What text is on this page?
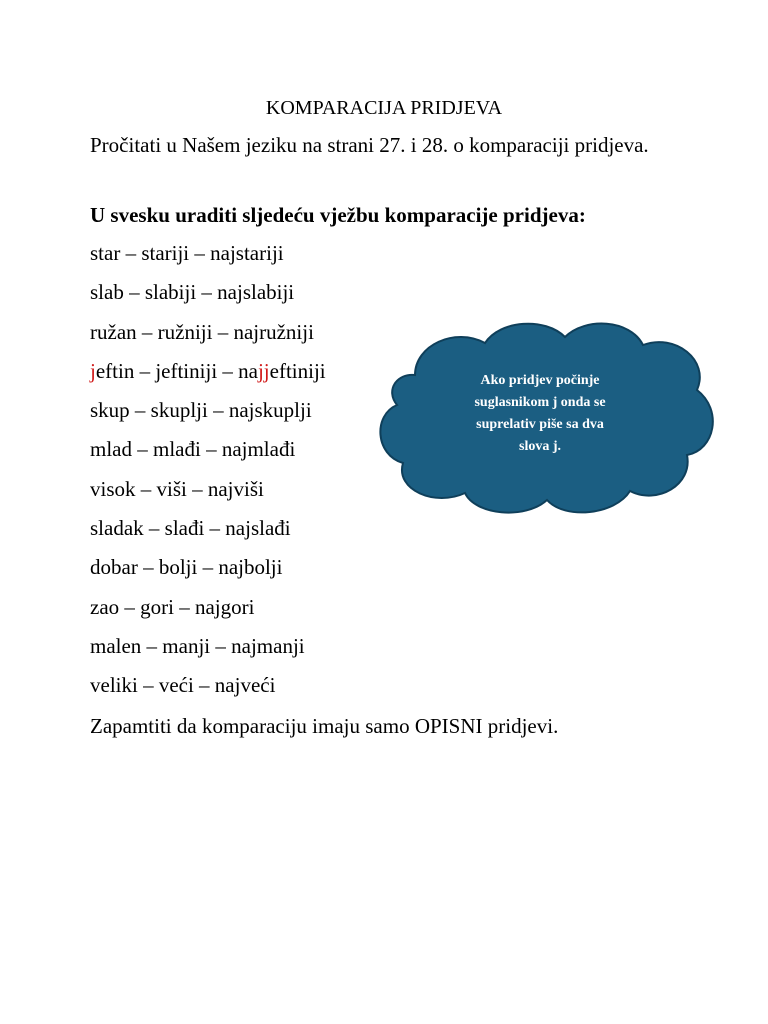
KOMPARACIJA PRIDJEVA
Pročitati u Našem jeziku na strani 27. i 28. o komparaciji pridjeva.
U svesku uraditi sljedeću vježbu komparacije pridjeva:
star – stariji – najstariji
slab – slabiji – najslabiji
ružan – ružniji – najružniji
jeftin – jeftiniji – najjeftiniji
skup – skuplji – najskuplji
mlad – mlađi – najmlađi
visok – viši – najviši
sladak – slađi – najslađi
dobar – bolji – najbolji
zao – gori – najgori
malen – manji – najmanji
veliki – veći – najveći
Zapamtiti da komparaciju imaju samo OPISNI pridjevi.
Ako pridjev počinje suglasnikom j onda se suprelativ piše sa dva slova j.
